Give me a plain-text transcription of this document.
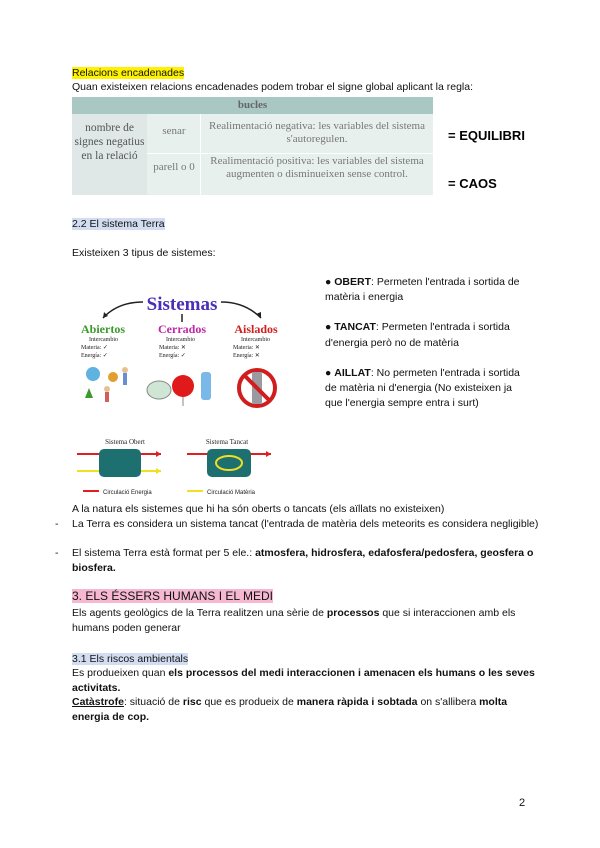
Relacions encadenades
Quan existeixen relacions encadenades podem trobar el signe global aplicant la regla:
bucles
nombre de signes negatius en la relació
senar	Realimentació negativa: les variables del sistema s'autoregulen.
parell o 0	Realimentació positiva: les variables del sistema augmenten o disminueixen sense control.
= EQUILIBRI
= CAOS
2.2 El sistema Terra
Existeixen 3 tipus de sistemes:
Sistemas
Abiertos	Cerrados Aislados
Intercambio
Materia: ✓
Energía: ✓
Intercambio
Materia: ✕
Energía: ✓
Intercambio
Materia: ✕
Energía: ✕
Sistema Obert	Sistema Tancat
Circulació Energia	Circulació Matèria

● OBERT: Permeten l'entrada i sortida de matèria i energia

● TANCAT: Permeten l'entrada i sortida d'energia però no de matèria

● AILLAT: No permeten l'entrada i sortida de matèria ni d'energia (No existeixen ja que l'energia sempre entra i surt)

A la natura els sistemes que hi ha són oberts o tancats (els aïllats no existeixen)
- La Terra es considera un sistema tancat (l'entrada de matèria dels meteorits es considera negligible)
- El sistema Terra està format per 5 ele.: atmosfera, hidrosfera, edafosfera/pedosfera, geosfera o biosfera.
3. ELS ÉSSERS HUMANS I EL MEDI
Els agents geològics de la Terra realitzen una sèrie de processos que si interaccionen amb els humans poden generar
3.1 Els riscos ambientals
Es produeixen quan els processos del medi interaccionen i amenacen els humans o les seves activitats.
Catàstrofe: situació de risc que es produeix de manera ràpida i sobtada on s'allibera molta energia de cop.
2
